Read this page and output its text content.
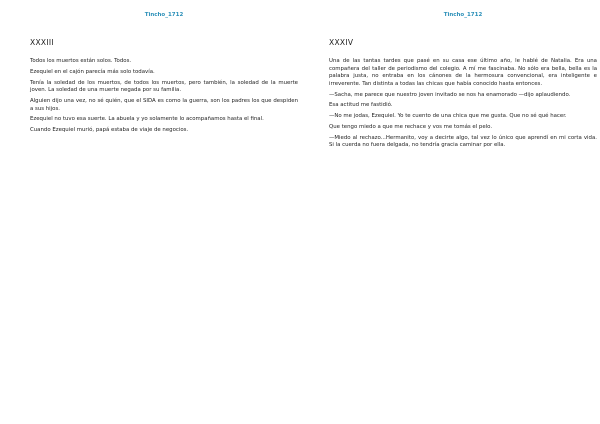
Tincho_1712
XXXIII

Todos los muertos están solos. Todos.

Ezequiel en el cajón parecía más solo todavía.

Tenía la soledad de los muertos, de todos los muertos, pero también, la soledad de la muerte joven. La soledad de una muerte negada por su familia.

Alguien dijo una vez, no sé quién, que el SIDA es como la guerra, son los padres los que despiden a sus hijos.

Ezequiel no tuvo esa suerte. La abuela y yo solamente lo acompañamos hasta el final.

Cuando Ezequiel murió, papá estaba de viaje de negocios.

Tincho_1712
XXXIV

Una de las tantas tardes que pasé en su casa ese último año, le hablé de Natalia. Era una compañera del taller de periodismo del colegio. A mí me fascinaba. No sólo era bella, bella es la palabra justa, no entraba en los cánones de la hermosura convencional, era inteligente e irreverente. Tan distinta a todas las chicas que había conocido hasta entonces.

—Sacha, me parece que nuestro joven invitado se nos ha enamorado —dijo aplaudiendo.

Esa actitud me fastidió.

—No me jodas, Ezequiel. Yo te cuento de una chica que me gusta. Que no sé qué hacer.

Que tengo miedo a que me rechace y vos me tomás el pelo.

—Miedo al rechazo...Hermanito, voy a decirte algo, tal vez lo único que aprendí en mi corta vida. Si la cuerda no fuera delgada, no tendría gracia caminar por ella.
